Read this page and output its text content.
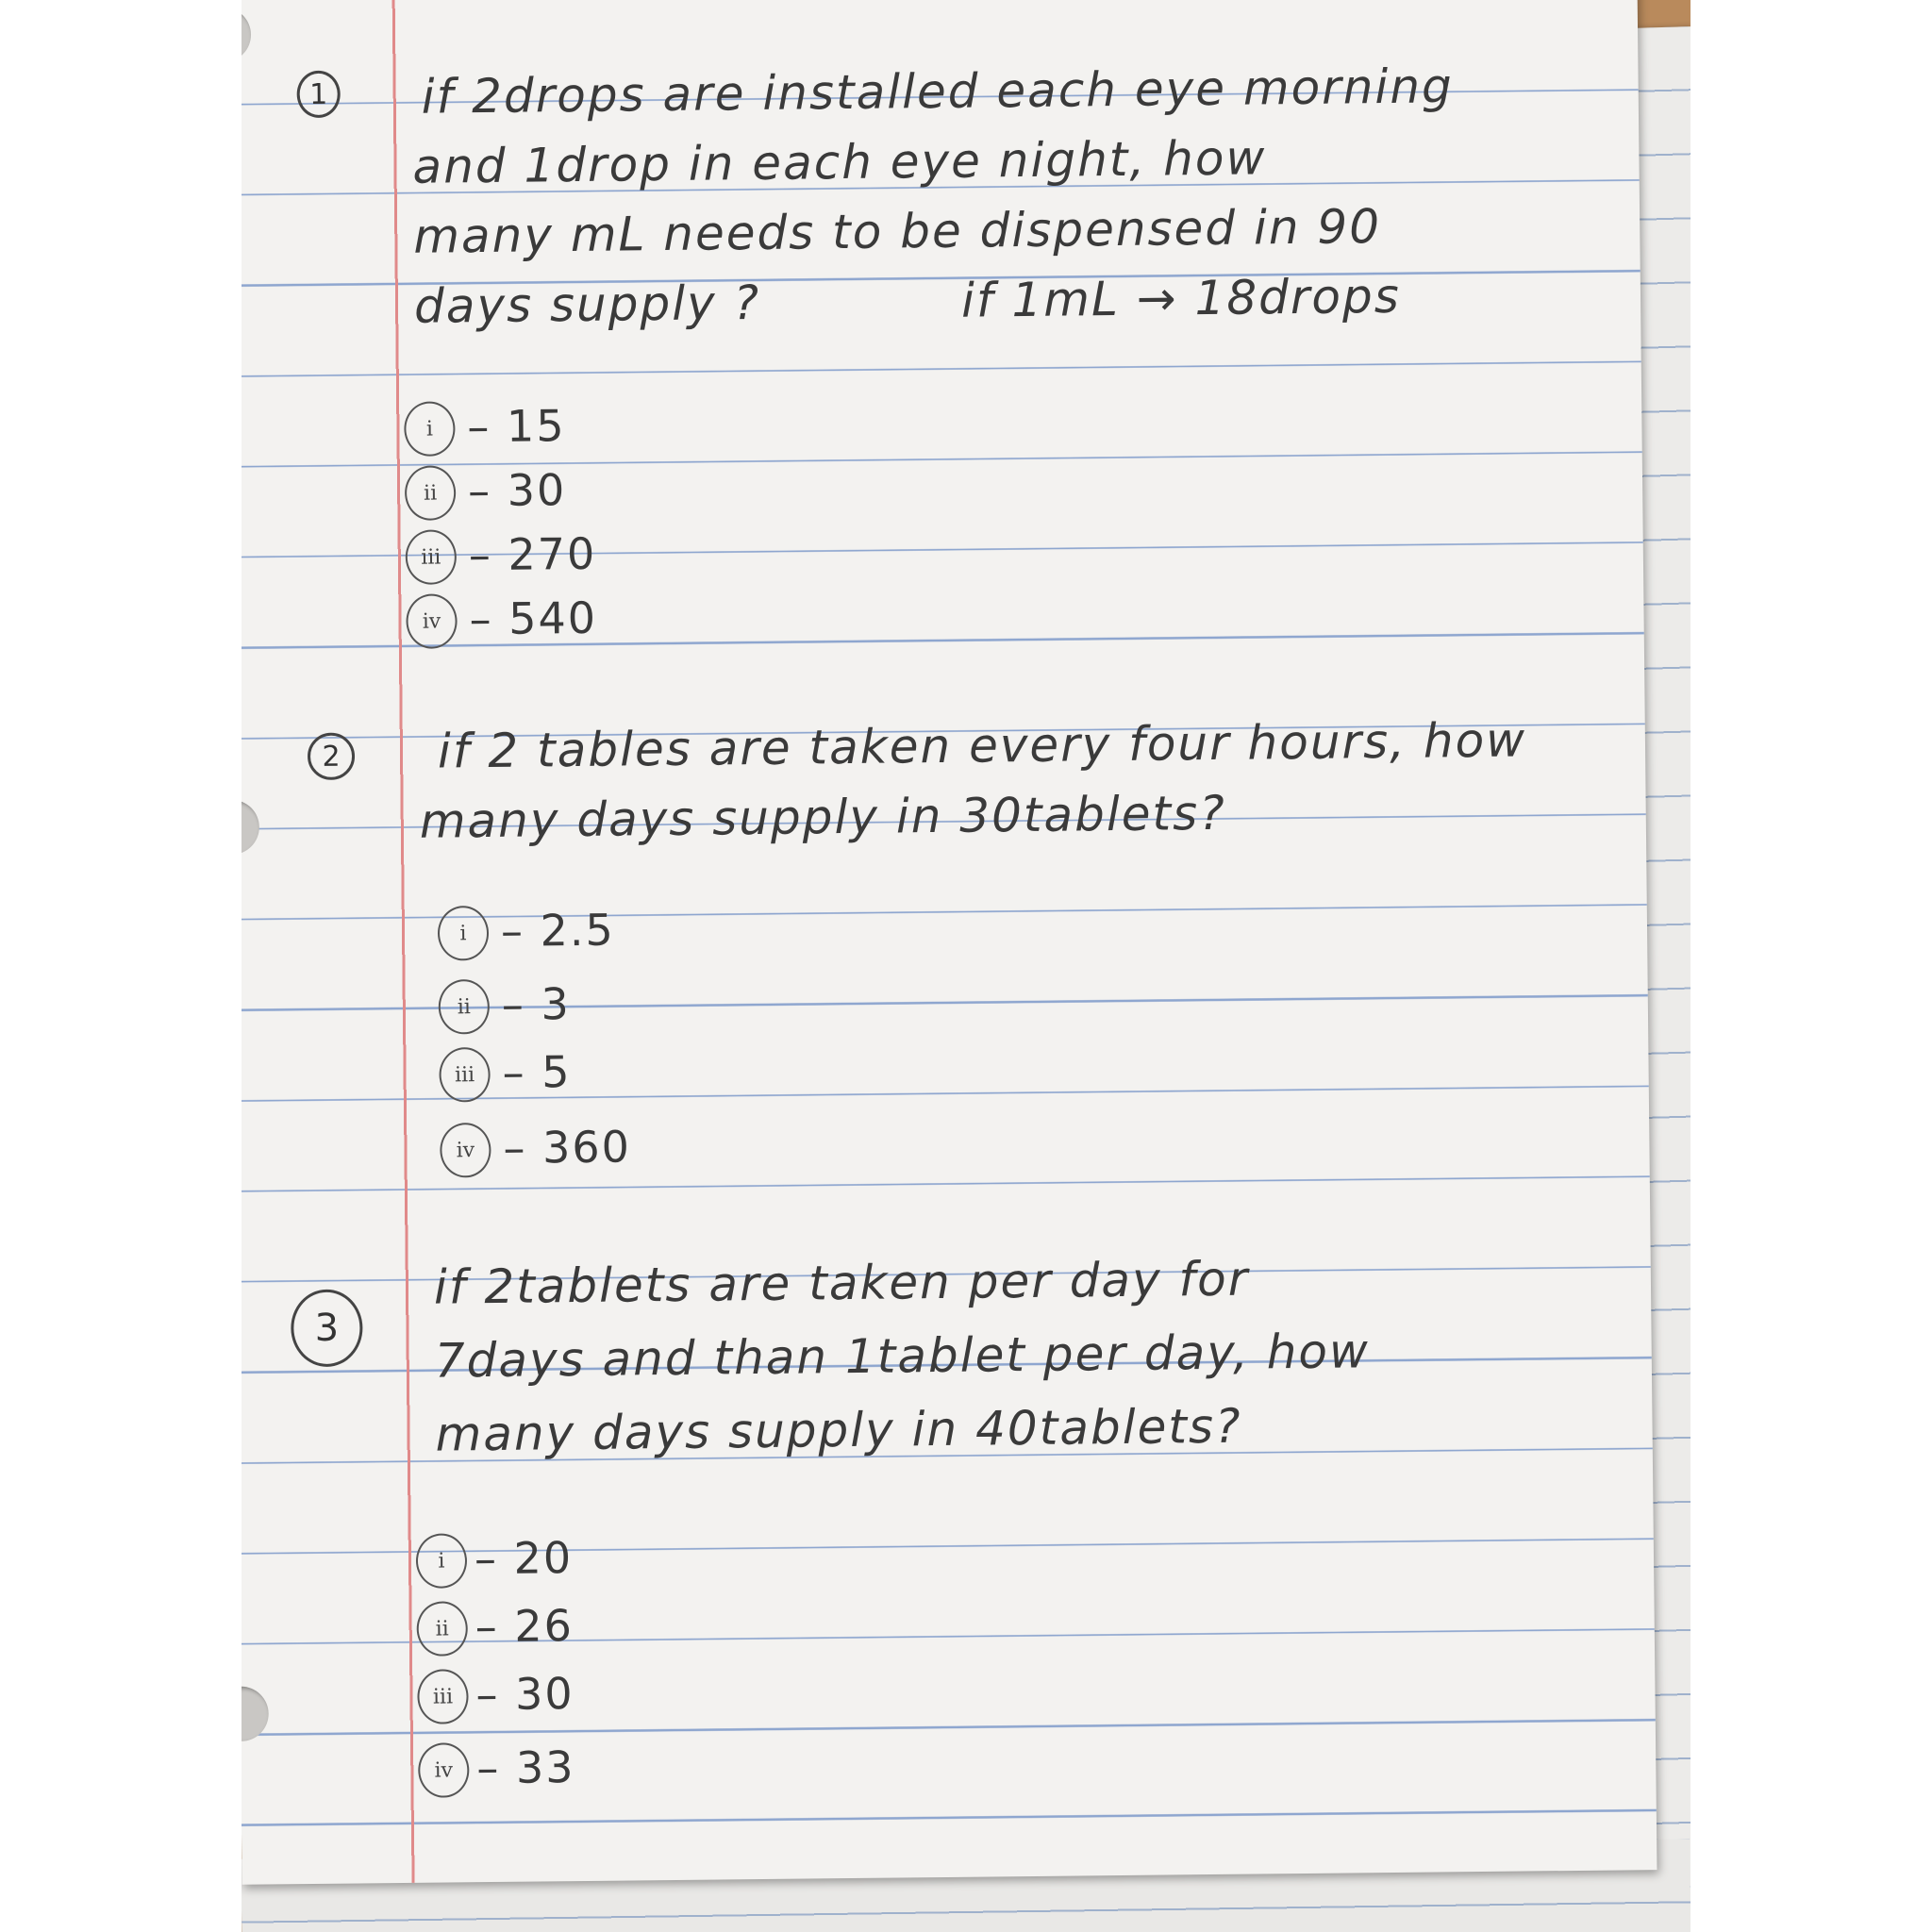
1 if 2drops are installed each eye morning
and 1drop in each eye night, how
many mL needs to be dispensed in 90
days supply ?	if 1mL → 18drops
i – 15
ii – 30
iii – 270
iv – 540
2	if 2 tables are taken every four hours, how
many days supply in 30tablets?
i – 2.5
ii – 3
iii – 5
iv – 360
3
if 2tablets are taken per day for
7days and than 1tablet per day, how
many days supply in 40tablets?
i – 20
ii – 26
iii – 30
iv – 33
